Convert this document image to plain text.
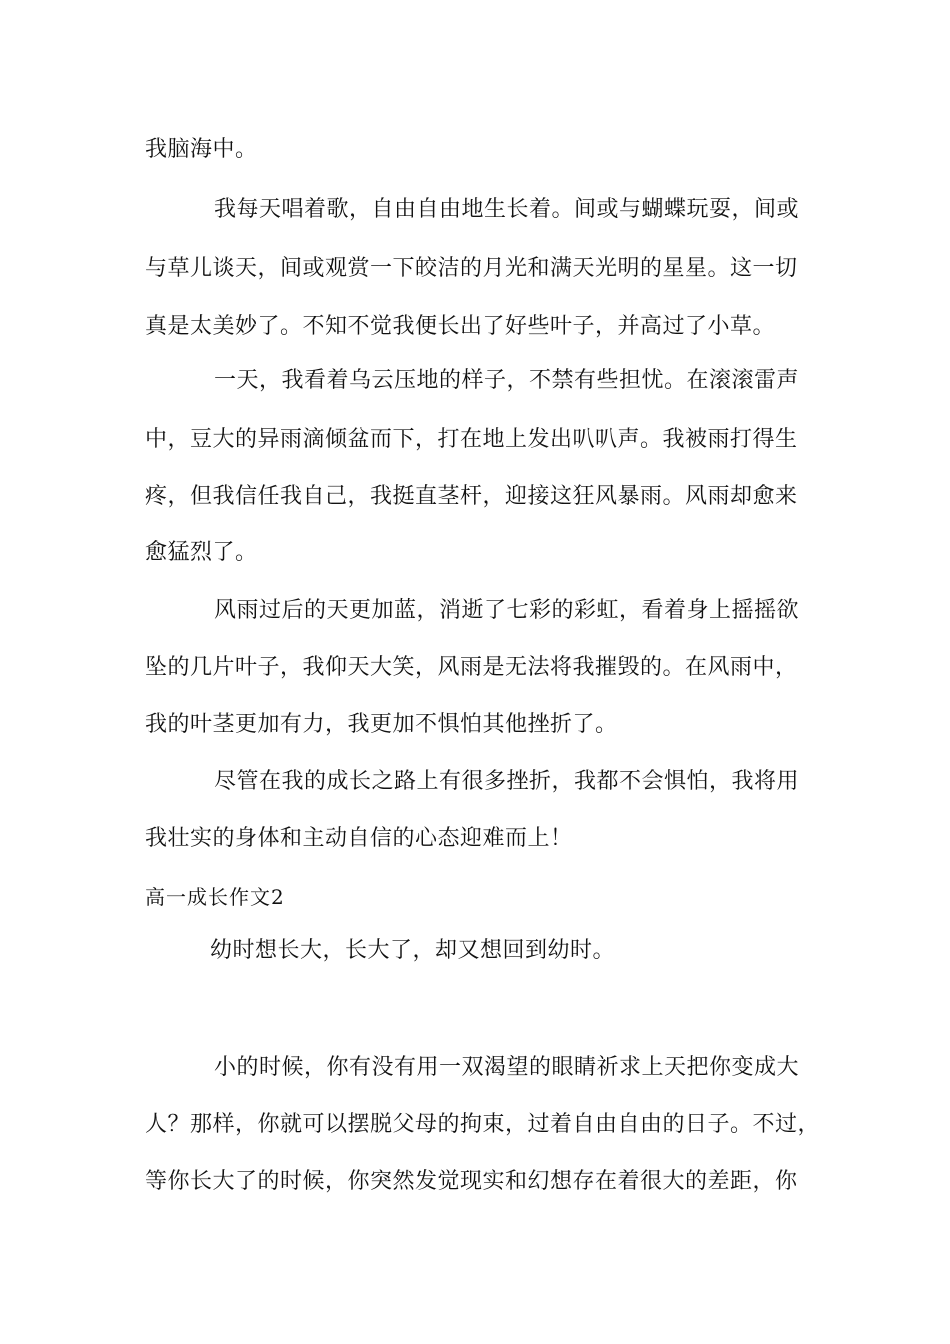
我脑海中。
我每天唱着歌，自由自由地生长着。间或与蝴蝶玩耍，间或
与草儿谈天，间或观赏一下皎洁的月光和满天光明的星星。这一切
真是太美妙了。不知不觉我便长出了好些叶子，并高过了小草。
一天，我看着乌云压地的样子，不禁有些担忧。在滚滚雷声
中，豆大的异雨滴倾盆而下，打在地上发出叭叭声。我被雨打得生
疼，但我信任我自己，我挺直茎杆，迎接这狂风暴雨。风雨却愈来
愈猛烈了。
风雨过后的天更加蓝，消逝了七彩的彩虹，看着身上摇摇欲
坠的几片叶子，我仰天大笑，风雨是无法将我摧毁的。在风雨中，
我的叶茎更加有力，我更加不惧怕其他挫折了。
尽管在我的成长之路上有很多挫折，我都不会惧怕，我将用
我壮实的身体和主动自信的心态迎难而上！
高一成长作文2
幼时想长大，长大了，却又想回到幼时。
小的时候，你有没有用一双渴望的眼睛祈求上天把你变成大
人？那样，你就可以摆脱父母的拘束，过着自由自由的日子。不过，
等你长大了的时候，你突然发觉现实和幻想存在着很大的差距，你
